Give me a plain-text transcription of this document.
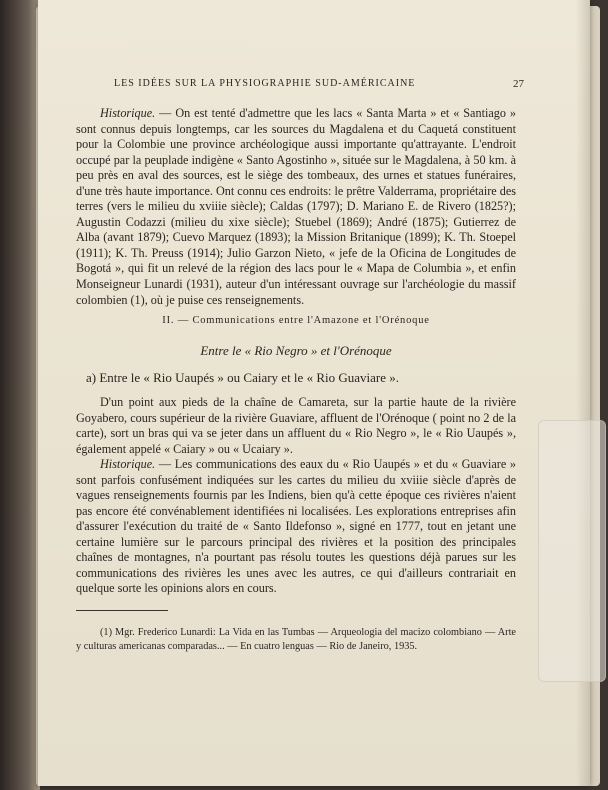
LES IDÉES SUR LA PHYSIOGRAPHIE SUD-AMÉRICAINE	27

Historique. — On est tenté d'admettre que les lacs « Santa Marta » et « Santiago » sont connus depuis longtemps, car les sources du Magdalena et du Caquetá constituent pour la Colombie une province archéologique aussi importante qu'attrayante. L'endroit occupé par la peuplade indigène « Santo Agostinho », située sur le Magdalena, à 50 km. à peu près en aval des sources, est le siège des tombeaux, des urnes et statues funéraires, d'une très haute importance. Ont connu ces endroits: le prêtre Valderrama, propriétaire des terres (vers le milieu du xviiie siècle); Caldas (1797); D. Mariano E. de Rivero (1825?); Augustin Codazzi (milieu du xixe siècle); Stuebel (1869); André (1875); Gutierrez de Alba (avant 1879); Cuevo Marquez (1893); la Mission Britanique (1899); K. Th. Stoepel (1911); K. Th. Preuss (1914); Julio Garzon Nieto, « jefe de la Oficina de Longitudes de Bogotá », qui fit un relevé de la région des lacs pour le « Mapa de Columbia », et enfin Monseigneur Lunardi (1931), auteur d'un intéressant ouvrage sur l'archéologie du massif colombien (1), où je puise ces renseignements.

II. — Communications entre l'Amazone et l'Orénoque
Entre le « Rio Negro » et l'Orénoque
a) Entre le « Rio Uaupés » ou Caiary et le « Rio Guaviare ».

D'un point aux pieds de la chaîne de Camareta, sur la partie haute de la rivière Goyabero, cours supérieur de la rivière Guaviare, affluent de l'Orénoque ( point no 2 de la carte), sort un bras qui va se jeter dans un affluent du « Rio Negro », le « Rio Uaupés », également appelé « Caiary » ou « Ucaiary ».

Historique. — Les communications des eaux du « Rio Uaupés » et du « Guaviare » sont parfois confusément indiquées sur les cartes du milieu du xviiie siècle d'après de vagues renseignements fournis par les Indiens, bien qu'à cette époque ces rivières n'aient pas encore été convénablement identifiées ni localisées. Les explorations entreprises afin d'assurer l'exécution du traité de « Santo Ildefonso », signé en 1777, tout en jetant une certaine lumière sur le parcours principal des rivières et la position des principales chaînes de montagnes, n'a pourtant pas résolu toutes les questions déjà parues sur les communications des rivières les unes avec les autres, ce qui d'ailleurs contrariait en quelque sorte les opinions alors en cours.

(1) Mgr. Frederico Lunardi: La Vida en las Tumbas — Arqueologia del macizo colombiano — Arte y culturas americanas comparadas... — En cuatro lenguas — Rio de Janeiro, 1935.
